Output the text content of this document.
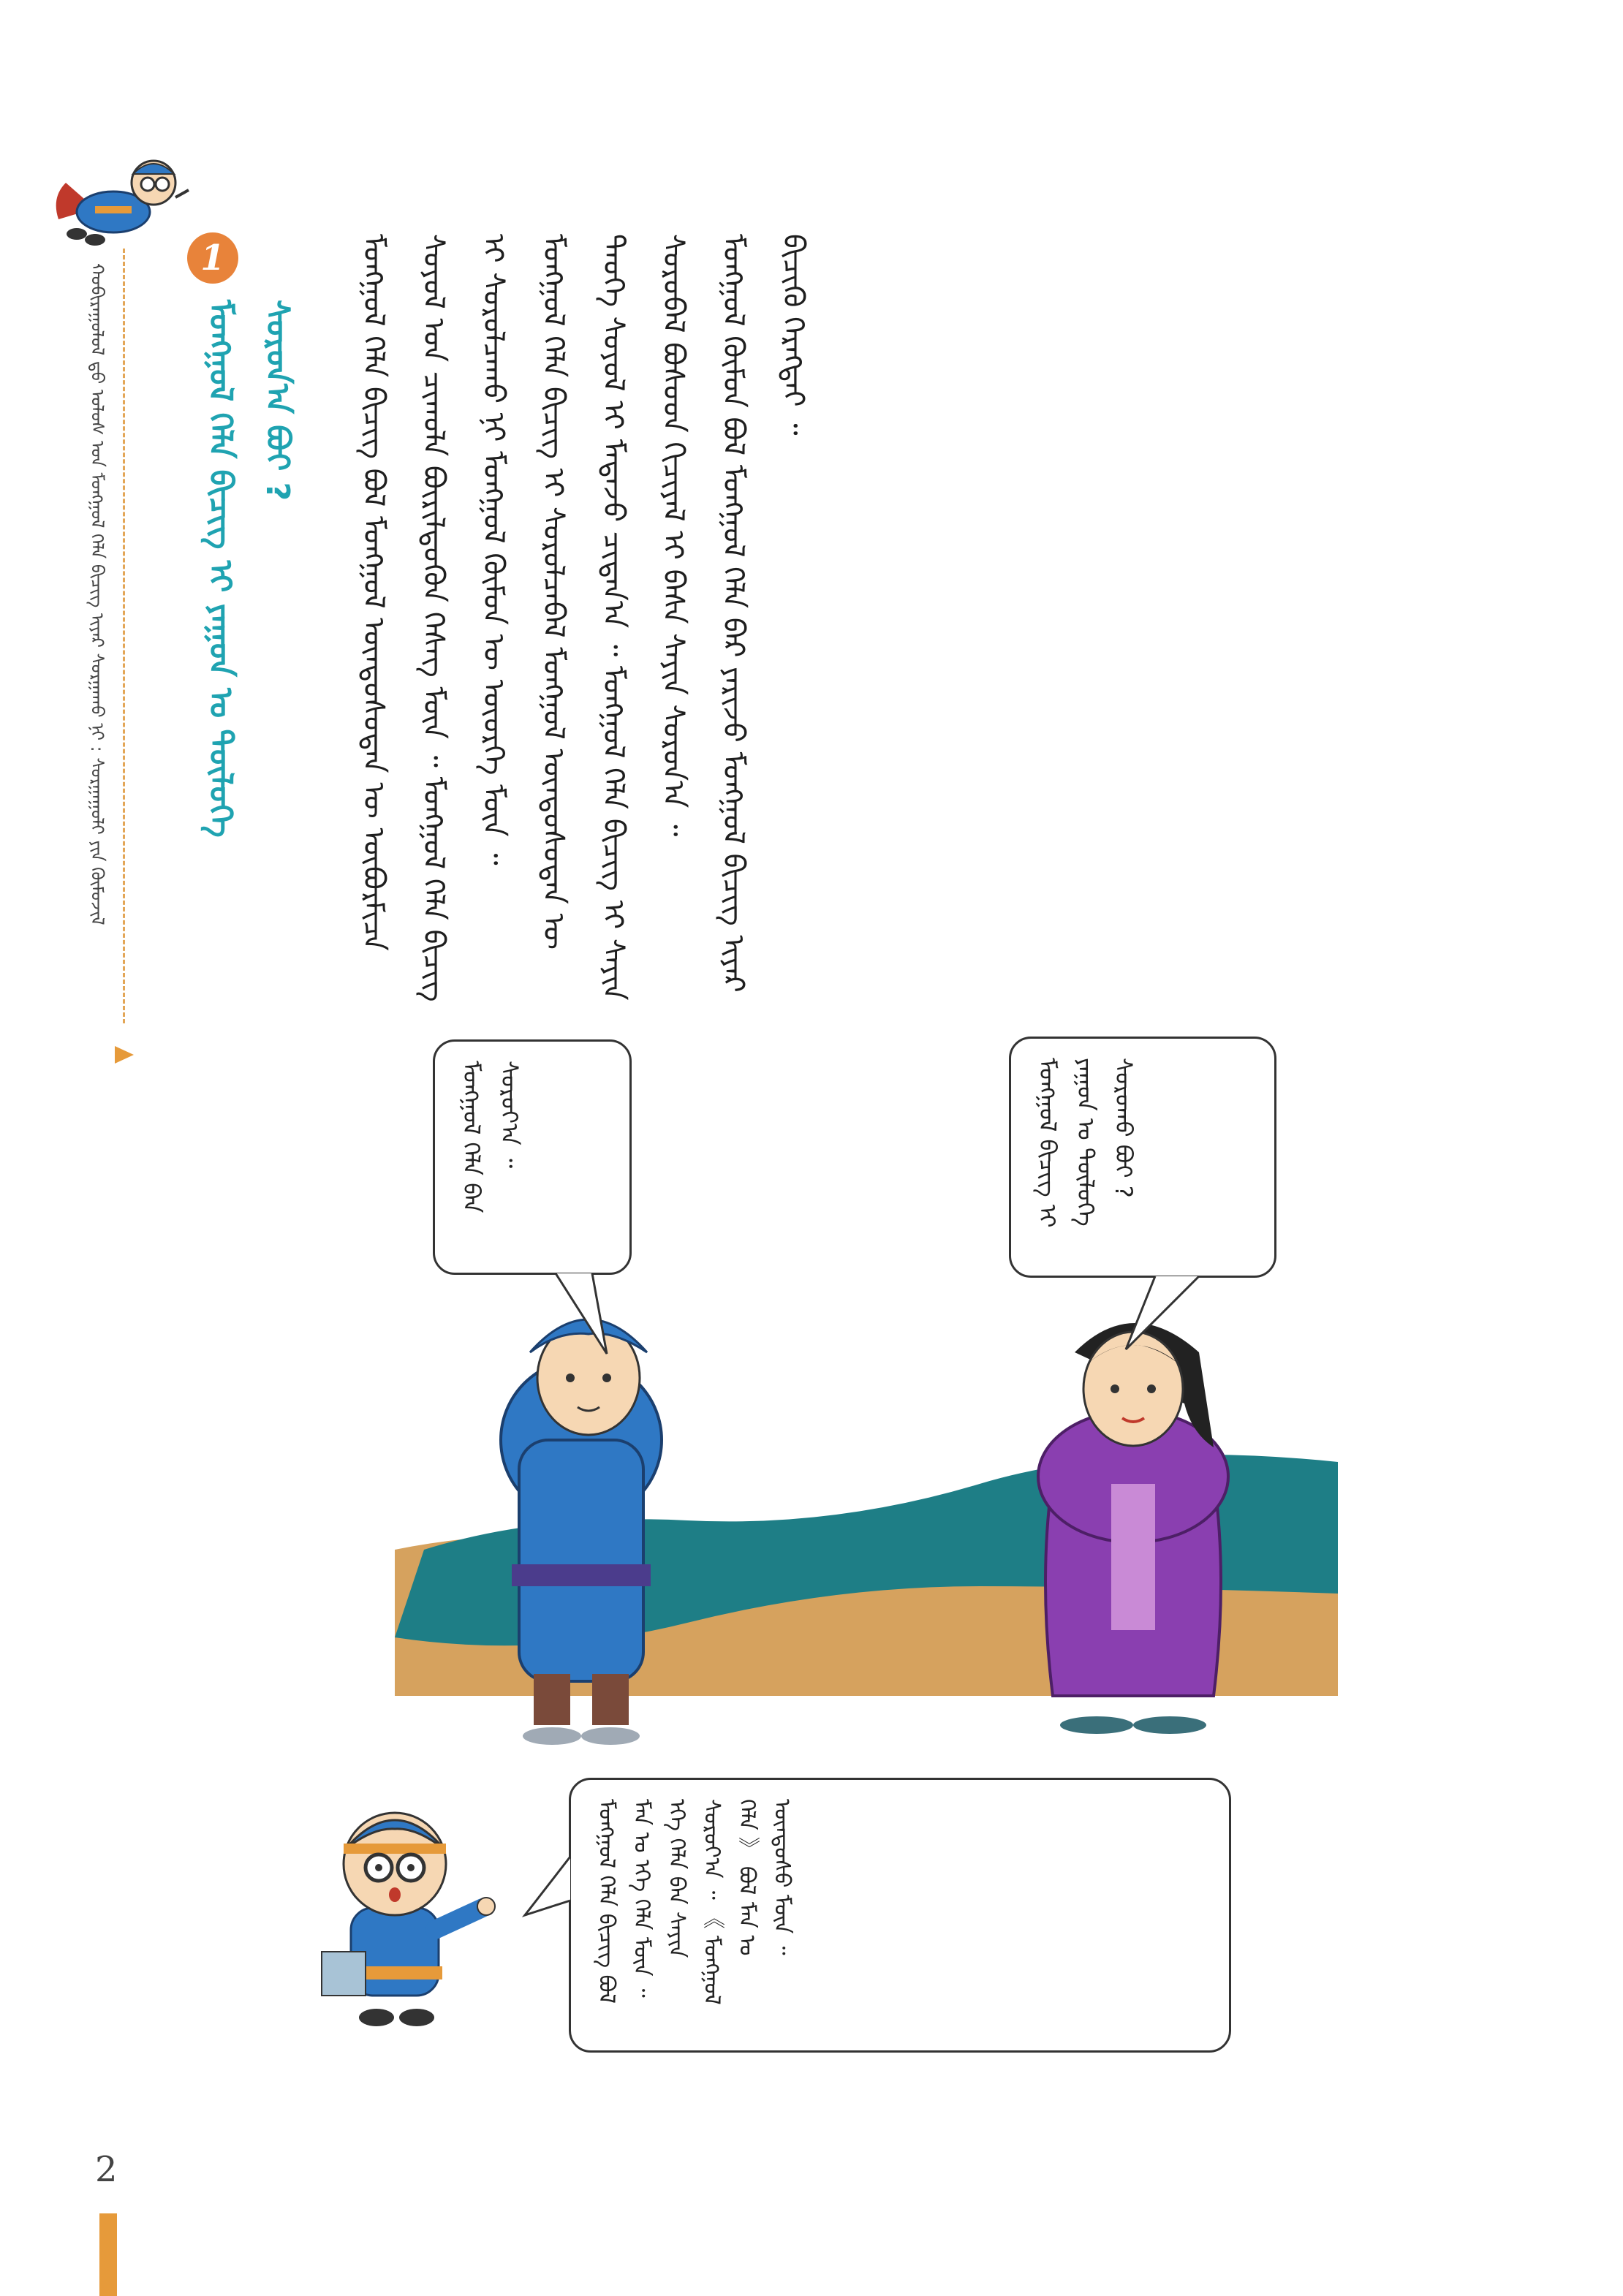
ᠬᠤᠪᠢᠷᠠᠭᠤᠯᠤᠯ ᠳ᠋ᠤ ᠤᠯᠤᠰ ᠤᠨ ᠮᠣᠩᠭᠣᠯ ᠬᠡᠯᠡ ᠪᠢᠴᠢᠭ᠌ ᠢᠶᠡᠷ ᠰᠤᠷᠭᠠᠬᠤ ᠨᠢ : ᠰᠤᠷᠭᠠᠭᠤᠯᠢ ᠶᠢᠨ ᠬᠥᠮᠦᠵᠢᠯ
1
ᠮᠣᠩᠭᠣᠯ ᠬᠡᠯᠡ ᠪᠢᠴᠢᠭ᠌ ᠢ ᠶᠠᠭᠤᠨ ᠤ ᠲᠥᠯᠥᠭᠡ ᠰᠤᠷᠤᠨ᠎ᠠ ᠪᠤᠢ ?	ᠮᠣᠩᠭᠣᠯ ᠬᠡᠯᠡ ᠪᠢᠴᠢᠭ᠌ ᠪᠣᠯ ᠮᠣᠩᠭᠣᠯ ᠦᠨᠳᠦᠰᠦᠲᠡᠨ ᠦ ᠦᠪᠦᠷᠮᠢᠴᠡ ᠰᠣᠶᠣᠯ ᠤᠨ ᠴᠢᠬᠤᠯᠠ ᠪᠦᠷᠢᠯᠳᠦᠬᠦᠨ ᠬᠡᠰᠡᠭ ᠮᠥᠨ ᠃ ᠮᠣᠩᠭᠣᠯ ᠬᠡᠯᠡ ᠪᠢᠴᠢᠭ᠌ ᠢ ᠰᠤᠷᠤᠯᠴᠠᠬᠤ ᠨᠢ ᠮᠣᠩᠭᠣᠯ ᠬᠦᠮᠦᠨ ᠦ ᠦᠦᠷᠭᠡ ᠮᠥᠨ ᠃ ᠮᠣᠩᠭᠣᠯ ᠬᠡᠯᠡ ᠪᠢᠴᠢᠭ᠌ ᠢ ᠰᠤᠷᠤᠯᠴᠠᠪᠠᠯ ᠮᠣᠩᠭᠣᠯ ᠦᠨᠳᠦᠰᠦᠲᠡᠨ ᠦ ᠲᠡᠦᠬᠡ ᠰᠣᠶᠣᠯ ᠢ ᠮᠡᠳᠡᠵᠦ ᠴᠢᠳᠠᠨ᠎ᠠ ᠃ ᠮᠣᠩᠭᠣᠯ ᠬᠡᠯᠡ ᠪᠢᠴᠢᠭ᠌ ᠢ ᠰᠠᠶᠢᠨ ᠰᠤᠷᠤᠪᠠᠯ ᠪᠤᠰᠤᠳ ᠬᠢᠴᠢᠶᠡᠯ ᠢ ᠪᠠᠰᠠ ᠰᠠᠶᠢᠨ ᠰᠤᠷᠤᠨ᠎ᠠ ᠃ ᠮᠣᠩᠭᠣᠯ ᠬᠦᠮᠦᠨ ᠪᠣᠯ ᠮᠣᠩᠭᠣᠯ ᠬᠡᠯᠡ ᠪᠡᠷ ᠶᠠᠷᠢᠵᠤ ᠮᠣᠩᠭᠣᠯ ᠪᠢᠴᠢᠭ᠌ ᠢᠶᠡᠷ ᠪᠢᠴᠢᠬᠦ ᠬᠡᠷᠡᠭᠲᠡᠶ ᠃

ᠮᠣᠩᠭᠣᠯ ᠬᠡᠯᠡ ᠪᠡᠨ ᠰᠤᠷᠤᠶ᠎ᠠ ᠃	ᠮᠣᠩᠭᠣᠯ ᠪᠢᠴᠢᠭ᠌ ᠢ ᠶᠠᠭᠤᠨ ᠤ ᠲᠥᠯᠥᠭᠡ ᠰᠤᠷᠤᠬᠤ ᠪᠤᠢ ?
ᠮᠣᠩᠭᠣᠯ ᠬᠡᠯᠡ ᠪᠢᠴᠢᠭ᠌ ᠪᠣᠯ ᠮᠠᠨ ᠤ ᠡᠬᠡ ᠬᠡᠯᠡ ᠮᠥᠨ ᠃ ᠡᠬᠡ ᠬᠡᠯᠡ ᠪᠡᠨ ᠰᠠᠶᠢᠨ ᠰᠤᠷᠤᠶ᠎ᠠ ᠃ 《 ᠮᠣᠩᠭᠣᠯ ᠬᠡᠯᠡ 》 ᠪᠣᠯ ᠮᠠᠨ ᠤ ᠦᠨᠳᠦᠰᠦ ᠮᠥᠨ ᠃
2
